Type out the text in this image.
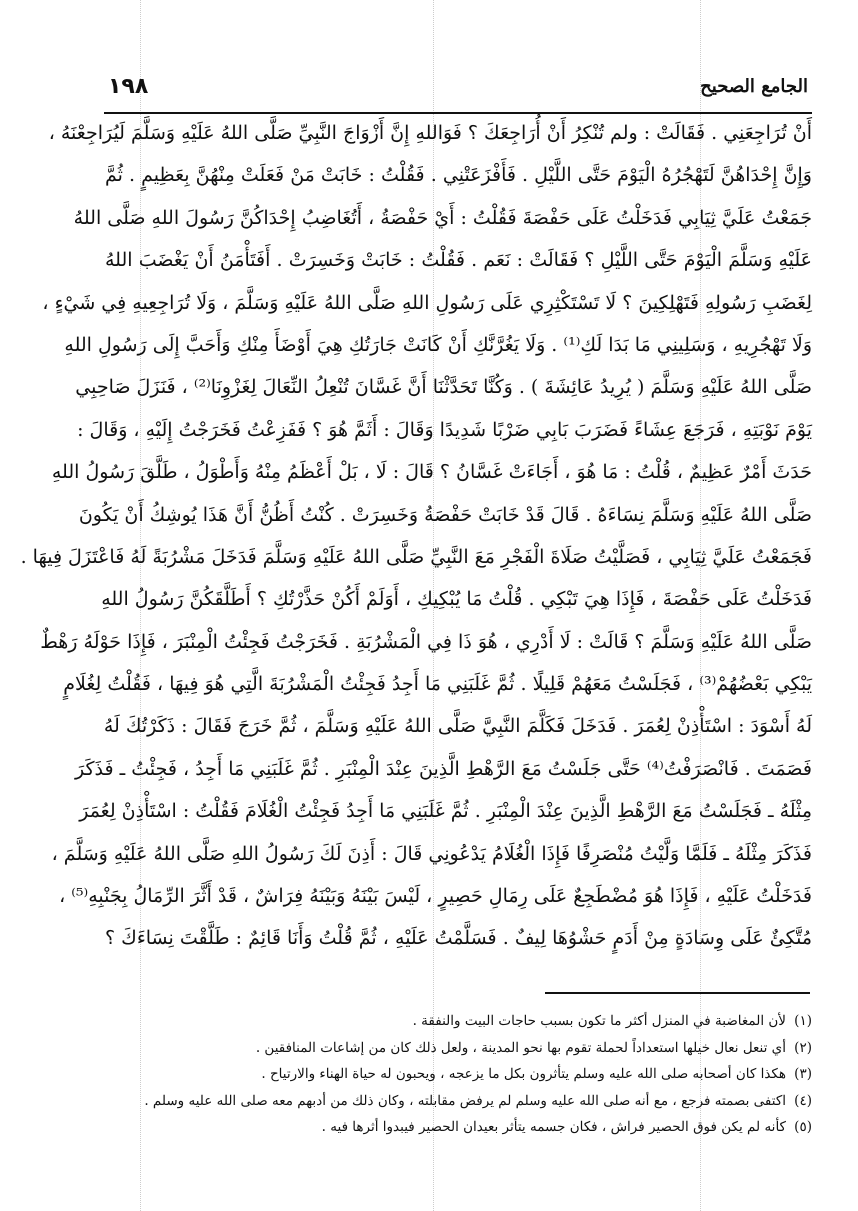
١٩٨	الجامع الصحيح
أَنْ تُرَاجِعَنِي . فَقَالَتْ : ولم تُنْكِرُ أَنْ أُرَاجِعَكَ ؟ فَوَاللهِ إِنَّ أَزْوَاجَ النَّبِيِّ صَلَّى اللهُ عَلَيْهِ وَسَلَّمَ لَيُرَاجِعْنَهُ ،
وَإِنَّ إِحْدَاهُنَّ لَتَهْجُرُهُ الْيَوْمَ حَتَّى اللَّيْلِ . فَأَفْزَعَتْنِي . فَقُلْتُ : خَابَتْ مَنْ فَعَلَتْ مِنْهُنَّ بِعَظِيمٍ . ثُمَّ
جَمَعْتُ عَلَيَّ ثِيَابِي فَدَخَلْتُ عَلَى حَفْصَةَ فَقُلْتُ : أَيْ حَفْصَةُ ، أَتُغَاضِبُ إِحْدَاكُنَّ رَسُولَ اللهِ صَلَّى اللهُ
عَلَيْهِ وَسَلَّمَ الْيَوْمَ حَتَّى اللَّيْلِ ؟ فَقَالَتْ : نَعَم . فَقُلْتُ : خَابَتْ وَخَسِرَتْ . أَفَتَأْمَنُ أَنْ يَغْضَبَ اللهُ
لِغَضَبِ رَسُولِهِ فَتَهْلِكِينَ ؟ لَا تَسْتَكْثِرِي عَلَى رَسُولِ اللهِ صَلَّى اللهُ عَلَيْهِ وَسَلَّمَ ، وَلَا تُرَاجِعِيهِ فِي شَيْءٍ ،
وَلَا تَهْجُرِيهِ ، وَسَلِينِي مَا بَدَا لَكِ⁽¹⁾ . وَلَا يَغُرَّنَّكِ أَنْ كَانَتْ جَارَتُكِ هِيَ أَوْضَأَ مِنْكِ وَأَحَبَّ إِلَى رَسُولِ اللهِ
صَلَّى اللهُ عَلَيْهِ وَسَلَّمَ ( يُرِيدُ عَائِشَةَ ) . وَكُنَّا تَحَدَّثْنَا أَنَّ غَسَّانَ تُنْعِلُ النِّعَالَ لِغَزْوِنَا⁽²⁾ ، فَنَزَلَ صَاحِبِي
يَوْمَ نَوْبَتِهِ ، فَرَجَعَ عِشَاءً فَضَرَبَ بَابِي ضَرْبًا شَدِيدًا وَقَالَ : أَثَمَّ هُوَ ؟ فَفَزِعْتُ فَخَرَجْتُ إِلَيْهِ ، وَقَالَ :
حَدَثَ أَمْرٌ عَظِيمٌ ، قُلْتُ : مَا هُوَ ، أَجَاءَتْ غَسَّانُ ؟ قَالَ : لَا ، بَلْ أَعْظَمُ مِنْهُ وَأَطْوَلُ ، طَلَّقَ رَسُولُ اللهِ
صَلَّى اللهُ عَلَيْهِ وَسَلَّمَ نِسَاءَهُ . قَالَ قَدْ خَابَتْ حَفْصَةُ وَخَسِرَتْ . كُنْتُ أَظُنُّ أَنَّ هَذَا يُوشِكُ أَنْ يَكُونَ
فَجَمَعْتُ عَلَيَّ ثِيَابِي ، فَصَلَّيْتُ صَلَاةَ الْفَجْرِ مَعَ النَّبِيِّ صَلَّى اللهُ عَلَيْهِ وَسَلَّمَ فَدَخَلَ مَشْرُبَةً لَهُ فَاعْتَزَلَ فِيهَا .
فَدَخَلْتُ عَلَى حَفْصَةَ ، فَإِذَا هِيَ تَبْكِي . قُلْتُ مَا يُبْكِيكِ ، أَوَلَمْ أَكُنْ حَذَّرْتُكِ ؟ أَطَلَّقَكُنَّ رَسُولُ اللهِ
صَلَّى اللهُ عَلَيْهِ وَسَلَّمَ ؟ قَالَتْ : لَا أَدْرِي ، هُوَ ذَا فِي الْمَشْرُبَةِ . فَخَرَجْتُ فَجِئْتُ الْمِنْبَرَ ، فَإِذَا حَوْلَهُ رَهْطٌ
يَبْكِي بَعْضُهُمْ⁽³⁾ ، فَجَلَسْتُ مَعَهُمْ قَلِيلًا . ثُمَّ غَلَبَنِي مَا أَجِدُ فَجِئْتُ الْمَشْرُبَةَ الَّتِي هُوَ فِيهَا ، فَقُلْتُ لِغُلَامٍ
لَهُ أَسْوَدَ : اسْتَأْذِنْ لِعُمَرَ . فَدَخَلَ فَكَلَّمَ النَّبِيَّ صَلَّى اللهُ عَلَيْهِ وَسَلَّمَ ، ثُمَّ خَرَجَ فَقَالَ : ذَكَرْتُكَ لَهُ
فَصَمَتَ . فَانْصَرَفْتُ⁽⁴⁾ حَتَّى جَلَسْتُ مَعَ الرَّهْطِ الَّذِينَ عِنْدَ الْمِنْبَرِ . ثُمَّ غَلَبَنِي مَا أَجِدُ ، فَجِئْتُ ـ فَذَكَرَ
مِثْلَهُ ـ فَجَلَسْتُ مَعَ الرَّهْطِ الَّذِينَ عِنْدَ الْمِنْبَرِ . ثُمَّ غَلَبَنِي مَا أَجِدُ فَجِئْتُ الْغُلَامَ فَقُلْتُ : اسْتَأْذِنْ لِعُمَرَ
فَذَكَرَ مِثْلَهُ ـ فَلَمَّا وَلَّيْتُ مُنْصَرِفًا فَإِذَا الْغُلَامُ يَدْعُونِي قَالَ : أَذِنَ لَكَ رَسُولُ اللهِ صَلَّى اللهُ عَلَيْهِ وَسَلَّمَ ،
فَدَخَلْتُ عَلَيْهِ ، فَإِذَا هُوَ مُضْطَجِعٌ عَلَى رِمَالِ حَصِيرٍ ، لَيْسَ بَيْنَهُ وَبَيْنَهُ فِرَاشٌ ، قَدْ أَثَّرَ الرِّمَالُ بِجَنْبِهِ⁽⁵⁾ ،
مُتَّكِئٌ عَلَى وِسَادَةٍ مِنْ أَدَمٍ حَشْوُهَا لِيفٌ . فَسَلَّمْتُ عَلَيْهِ ، ثُمَّ قُلْتُ وَأَنَا قَائِمٌ : طَلَّقْتَ نِسَاءَكَ ؟
(١)لأن المغاضبة في المنزل أكثر ما تكون بسبب حاجات البيت والنفقة .
(٢)أي تنعل نعال خيلها استعداداً لحملة تقوم بها نحو المدينة ، ولعل ذلك كان من إشاعات المنافقين .
(٣)هكذا كان أصحابه صلى الله عليه وسلم يتأثرون بكل ما يزعجه ، ويحبون له حياة الهناء والارتياح .
(٤)اكتفى بصمته فرجع ، مع أنه صلى الله عليه وسلم لم يرفض مقابلته ، وكان ذلك من أدبهم معه صلى الله عليه وسلم .
(٥)كأنه لم يكن فوق الحصير فراش ، فكان جسمه يتأثر بعيدان الحصير فيبدوا أثرها فيه .
